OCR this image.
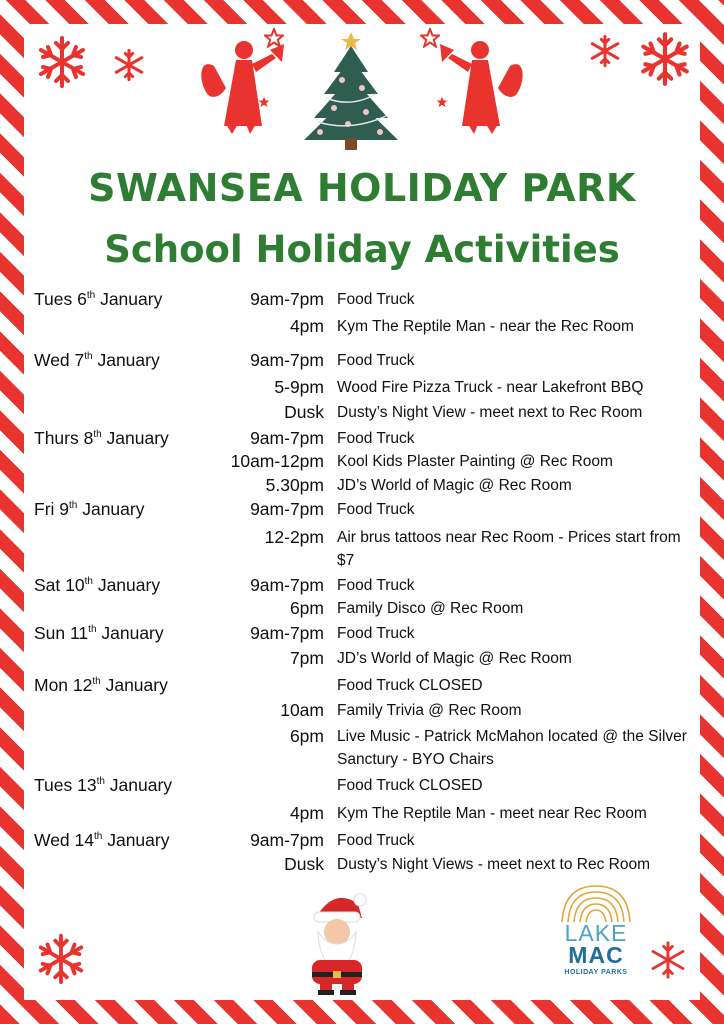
SWANSEA HOLIDAY PARK
School Holiday Activities
Tues 6th January	9am-7pm Food Truck
4pm Kym The Reptile Man - near the Rec Room
Wed 7th January	9am-7pm Food Truck
5-9pm Wood Fire Pizza Truck - near Lakefront BBQ
Dusk Dusty’s Night View - meet next to Rec Room
Thurs 8th January	9am-7pm Food Truck
10am-12pm Kool Kids Plaster Painting @ Rec Room
5.30pm JD’s World of Magic @ Rec Room
Fri 9th January	9am-7pm Food Truck
12-2pm Air brus tattoos near Rec Room - Prices start from $7
Sat 10th January	9am-7pm Food Truck
6pm Family Disco @ Rec Room
Sun 11th January	9am-7pm Food Truck
7pm JD’s World of Magic @ Rec Room
Mon 12th January	Food Truck CLOSED
10am Family Trivia @ Rec Room
6pm Live Music - Patrick McMahon located @ the Silver Sanctury - BYO Chairs
Tues 13th January	Food Truck CLOSED
4pm Kym The Reptile Man - meet near Rec Room
Wed 14th January	9am-7pm Food Truck
Dusk Dusty’s Night Views - meet next to Rec Room
LAKE
MAC
HOLIDAY PARKS
